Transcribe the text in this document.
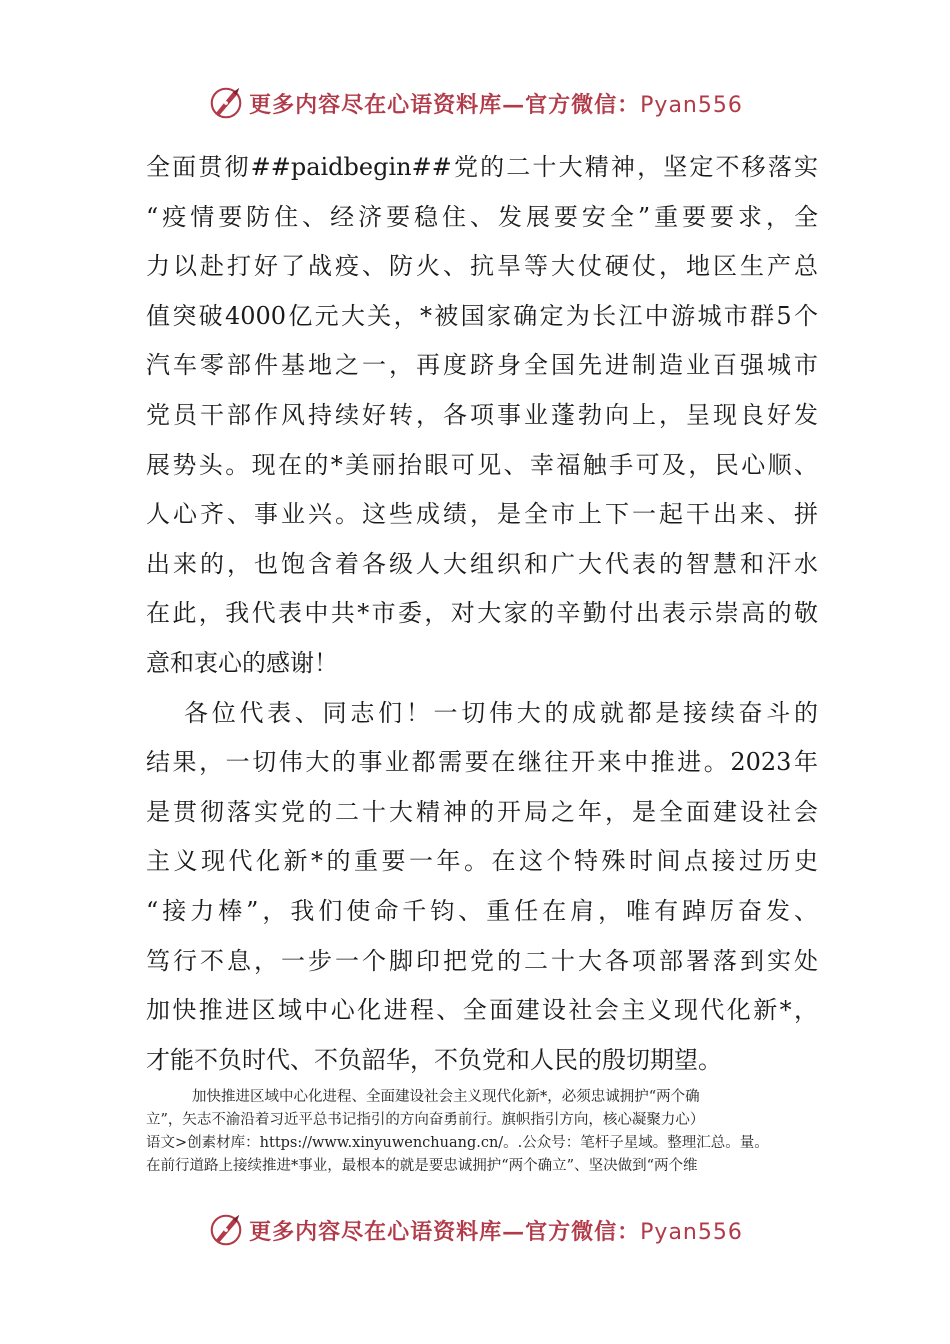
更多内容尽在心语资料库—官方微信：Pyan556
全面贯彻##paidbegin##党的二十大精神，坚定不移落实
“疫情要防住、经济要稳住、发展要安全”重要要求，全
力以赴打好了战疫、防火、抗旱等大仗硬仗，地区生产总
值突破4000亿元大关，*被国家确定为长江中游城市群5个
汽车零部件基地之一，再度跻身全国先进制造业百强城市
党员干部作风持续好转，各项事业蓬勃向上，呈现良好发
展势头。现在的*美丽抬眼可见、幸福触手可及，民心顺、
人心齐、事业兴。这些成绩，是全市上下一起干出来、拼
出来的，也饱含着各级人大组织和广大代表的智慧和汗水
在此，我代表中共*市委，对大家的辛勤付出表示崇高的敬
意和衷心的感谢！
各位代表、同志们！一切伟大的成就都是接续奋斗的
结果，一切伟大的事业都需要在继往开来中推进。2023年
是贯彻落实党的二十大精神的开局之年，是全面建设社会
主义现代化新*的重要一年。在这个特殊时间点接过历史
“接力棒”，我们使命千钧、重任在肩，唯有踔厉奋发、
笃行不息，一步一个脚印把党的二十大各项部署落到实处
加快推进区域中心化进程、全面建设社会主义现代化新*，
才能不负时代、不负韶华，不负党和人民的殷切期望。
加快推进区域中心化进程、全面建设社会主义现代化新*，必须忠诚拥护“两个确
立”，矢志不渝沿着习近平总书记指引的方向奋勇前行。旗帜指引方向，核心凝聚力心）
语文>创素材库：https://www.xinyuwenchuang.cn/。.公众号：笔杆子星域。整理汇总。量。
在前行道路上接续推进*事业，最根本的就是要忠诚拥护“两个确立”、坚决做到“两个维
更多内容尽在心语资料库—官方微信：Pyan556
